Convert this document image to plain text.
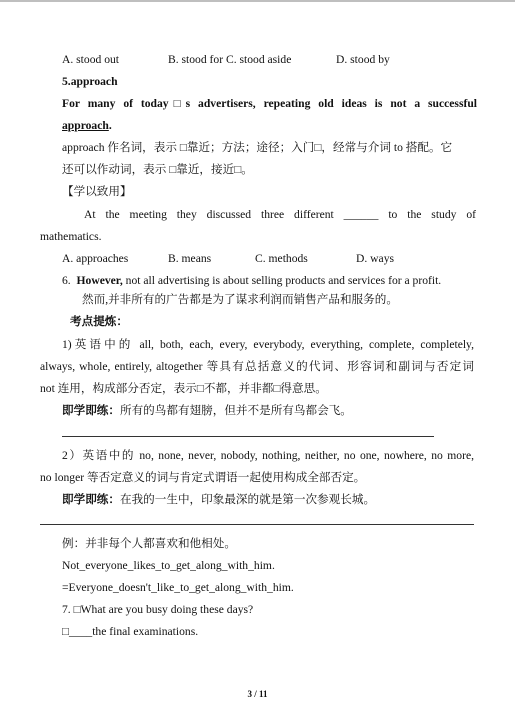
A. stood out	B. stood for C. stood aside	D. stood by
5.approach
For many of today□s advertisers, repeating old ideas is not a successful
approach.
approach 作名词，表示 □靠近；方法；途径；入门□，经常与介词 to 搭配。它
还可以作动词，表示 □靠近，接近□。
【学以致用】
At the meeting they discussed three different ______ to the study of
mathematics.
A. approaches	B. means	C. methods	D. ways
6. However, not all advertising is about selling products and services for a profit.
然而,并非所有的广告都是为了谋求利润而销售产品和服务的。
考点提炼：
1)英语中的 all, both, each, every, everybody, everything, complete, completely,
always, whole, entirely, altogether 等具有总括意义的代词、形容词和副词与否定词
not 连用，构成部分否定，表示□不都，并非都□得意思。
即学即练：所有的鸟都有翅膀，但并不是所有鸟都会飞。
2）英语中的 no, none, never, nobody, nothing, neither, no one, nowhere, no more,
no longer 等否定意义的词与肯定式谓语一起使用构成全部否定。
即学即练：在我的一生中，印象最深的就是第一次参观长城。
例：并非每个人都喜欢和他相处。
Not_everyone_likes_to_get_along_with_him.
=Everyone_doesn't_like_to_get_along_with_him.
7. □What are you busy doing these days?
□____the final examinations.
3 / 11
